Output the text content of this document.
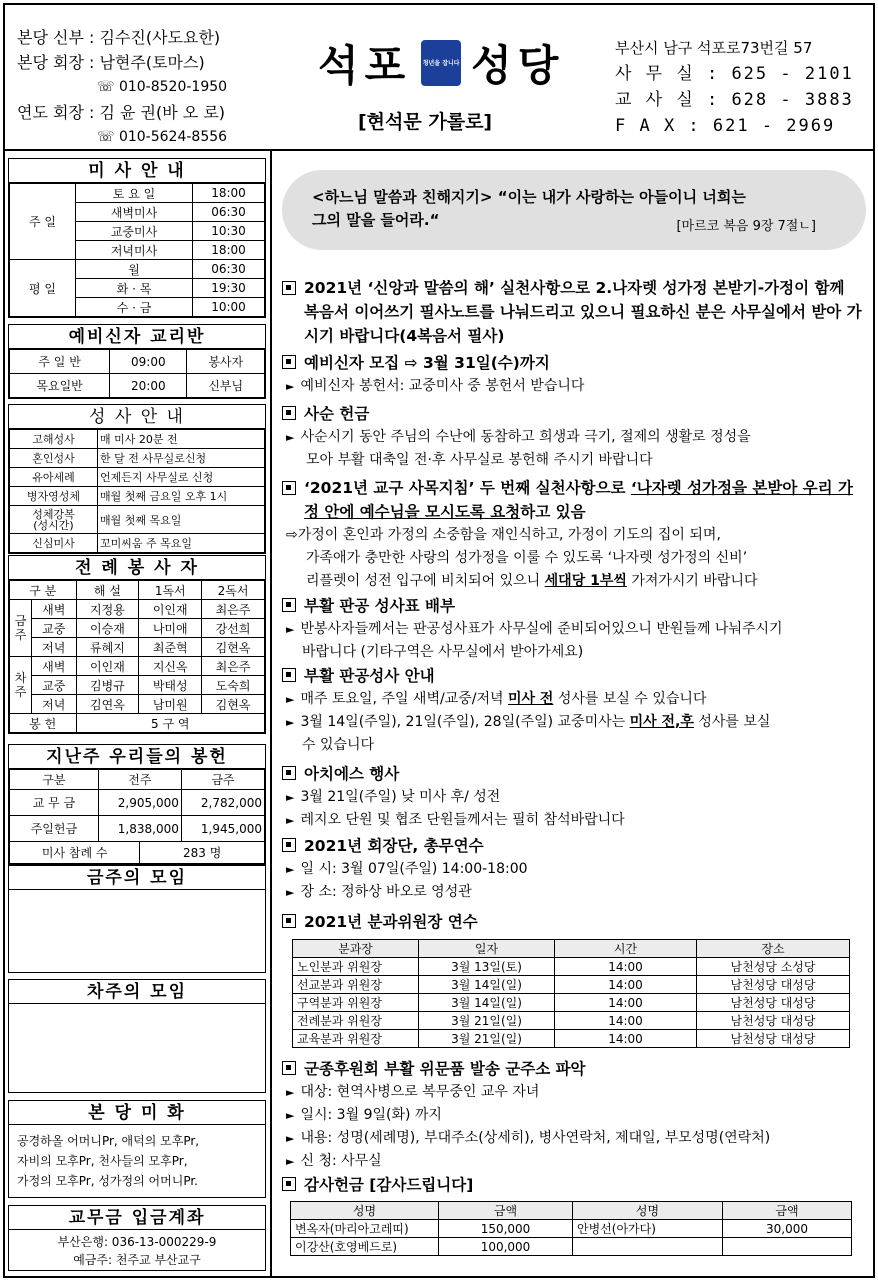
본당 신부 : 김수진(사도요한)
본당 회장 : 남현주(토마스)
☏ 010-8520-1950
연도 회장 : 김 윤 권(바 오 로)
☏ 010-5624-8556
석포 청년을 잡니다 성당
[현석문 가롤로]
부산시 남구 석포로73번길 57
사 무 실 : 625 - 2101
교 사 실 : 628 - 3883
F A X : 621 - 2969
미 사 안 내
주 일	토 요 일	18:00
	새벽미사	06:30
	교중미사	10:30
	저녁미사	18:00
평 일	월	06:30
	화 · 목	19:30
	수 · 금	10:00
예비신자 교리반
주 일 반	09:00	봉사자
목요일반	20:00	신부님
성 사 안 내
고해성사	매 미사 20분 전
혼인성사	한 달 전 사무실로신청
유아세례	언제든지 사무실로 신청
병자영성체	매월 첫째 금요일 오후 1시
성체강복
(성시간)	매월 첫째 목요일
신심미사	꼬미씨움 주 목요일
전 례 봉 사 자
구 분		해 설	1독서	2독서
금주	새벽	지정용	이인재	최은주
	교중	이승재	나미애	강선희
	저녁	류혜지	최준혁	김현옥
차주	새벽	이인재	지신옥	최은주
	교중	김병규	박태성	도숙희
	저녁	김연옥	남미원	김현옥
봉 헌		5 구 역		
지난주 우리들의 봉헌
구분	전주		금주
교 무 금	2,905,000		2,782,000
주일헌금	1,838,000		1,945,000
미사 참례 수		283 명	
금주의 모임
차주의 모임
본 당 미 화
공경하올 어머니Pr, 애덕의 모후Pr,
자비의 모후Pr, 천사들의 모후Pr,
가정의 모후Pr, 성가정의 어머니Pr.
교무금 입금계좌
부산은행: 036-13-000229-9
예금주: 천주교 부산교구
<하느님 말씀과 친해지기> “이는 내가 사랑하는 아들이니 너희는
그의 말을 들어라.“	[마르코 복음 9장 7절ㄴ]
2021년 ‘신앙과 말씀의 해’ 실천사항으로 2.나자렛 성가정 본받기-가정이 함께 복음서 이어쓰기 필사노트를 나눠드리고 있으니 필요하신 분은 사무실에서 받아 가시기 바랍니다(4복음서 필사)
예비신자 모집 ⇨ 3월 31일(수)까지
► 예비신자 봉헌서: 교중미사 중 봉헌서 받습니다
사순 헌금
► 사순시기 동안 주님의 수난에 동참하고 희생과 극기, 절제의 생활로 정성을
모아 부활 대축일 전·후 사무실로 봉헌해 주시기 바랍니다
‘2021년 교구 사목지침’ 두 번째 실천사항으로 ‘나자렛 성가정을 본받아 우리 가정 안에 예수님을 모시도록 요청하고 있음
⇨가정이 혼인과 가정의 소중함을 재인식하고, 가정이 기도의 집이 되며,
가족애가 충만한 사랑의 성가정을 이룰 수 있도록 ‘나자렛 성가정의 신비’
리플렛이 성전 입구에 비치되어 있으니 세대당 1부씩 가져가시기 바랍니다
부활 판공 성사표 배부
► 반봉사자들께서는 판공성사표가 사무실에 준비되어있으니 반원들께 나눠주시기
바랍니다 (기타구역은 사무실에서 받아가세요)
부활 판공성사 안내
► 매주 토요일, 주일 새벽/교중/저녁 미사 전 성사를 보실 수 있습니다
► 3월 14일(주일), 21일(주일), 28일(주일) 교중미사는 미사 전,후 성사를 보실
수 있습니다
아치에스 행사
► 3월 21일(주일) 낮 미사 후/ 성전
► 레지오 단원 및 협조 단원들께서는 필히 참석바랍니다
2021년 회장단, 총무연수
► 일 시: 3월 07일(주일) 14:00-18:00
► 장 소: 정하상 바오로 영성관
2021년 분과위원장 연수
분과장	일자	시간	장소
노인분과 위원장	3월 13일(토)	14:00	남천성당 소성당
선교분과 위원장	3월 14일(일)	14:00	남천성당 대성당
구역분과 위원장	3월 14일(일)	14:00	남천성당 대성당
전례분과 위원장	3월 21일(일)	14:00	남천성당 대성당
교육분과 위원장	3월 21일(일)	14:00	남천성당 대성당
군종후원회 부활 위문품 발송 군주소 파악
► 대상: 현역사병으로 복무중인 교우 자녀
► 일시: 3월 9일(화) 까지
► 내용: 성명(세례명), 부대주소(상세히), 병사연락처, 제대일, 부모성명(연락처)
► 신 청: 사무실
감사헌금 [감사드립니다]
성명	금액	성명	금액
변옥자(마리아고레띠)	150,000	안병선(아가다)	30,000
이강산(호영베드로)	100,000		
